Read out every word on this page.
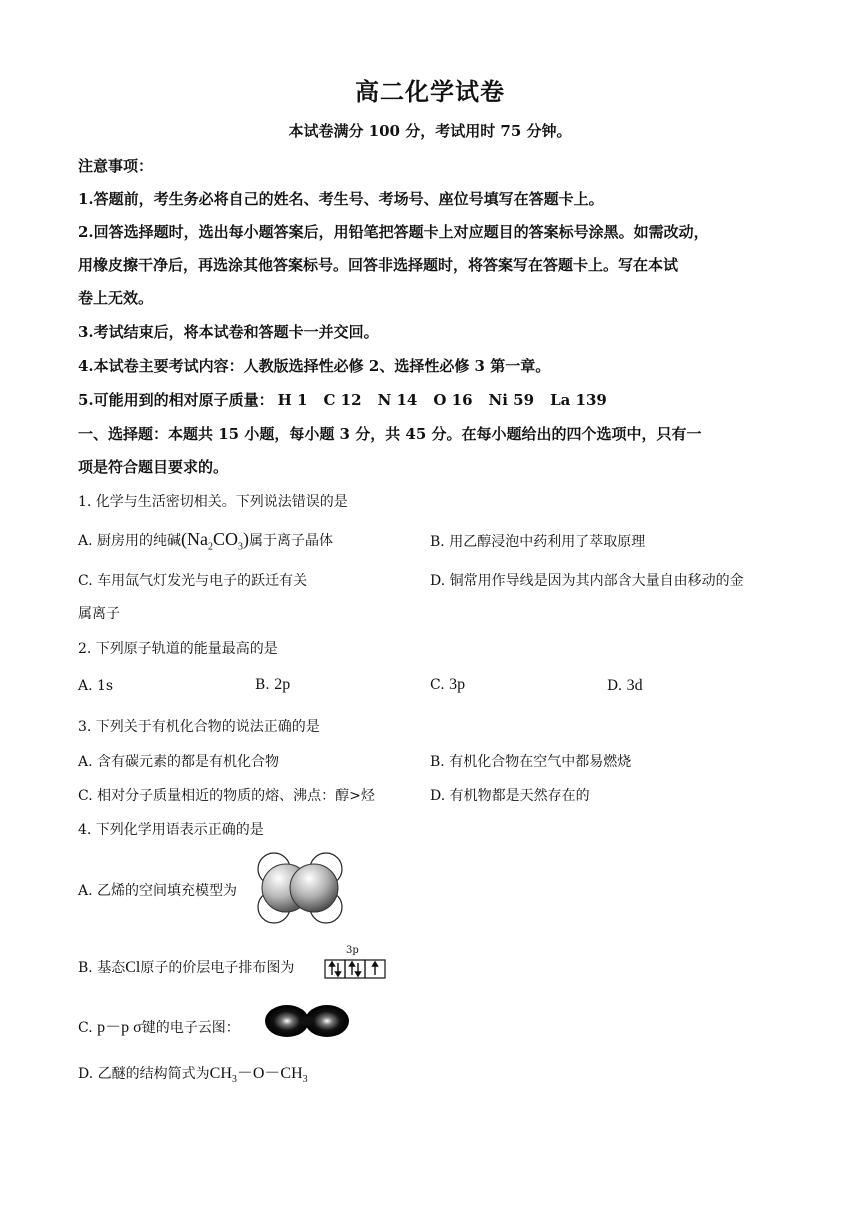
高二化学试卷
本试卷满分 100 分，考试用时 75 分钟。
注意事项：
1.答题前，考生务必将自己的姓名、考生号、考场号、座位号填写在答题卡上。
2.回答选择题时，选出每小题答案后，用铅笔把答题卡上对应题目的答案标号涂黑。如需改动，
用橡皮擦干净后，再选涂其他答案标号。回答非选择题时，将答案写在答题卡上。写在本试
卷上无效。
3.考试结束后，将本试卷和答题卡一并交回。
4.本试卷主要考试内容：人教版选择性必修 2、选择性必修 3 第一章。
5.可能用到的相对原子质量： H 1 C 12 N 14 O 16 Ni 59 La 139
一、选择题：本题共 15 小题，每小题 3 分，共 45 分。在每小题给出的四个选项中，只有一
项是符合题目要求的。
1. 化学与生活密切相关。下列说法错误的是
A. 厨房用的纯碱$(Na_2CO_3)$属于离子晶体	B. 用乙醇浸泡中药利用了萃取原理
C. 车用氙气灯发光与电子的跃迁有关	D. 铜常用作导线是因为其内部含大量自由移动的金
属离子
2. 下列原子轨道的能量最高的是
A. 1s	B. 2p	C. 3p	D. 3d
3. 下列关于有机化合物的说法正确的是
A. 含有碳元素的都是有机化合物	B. 有机化合物在空气中都易燃烧
C. 相对分子质量相近的物质的熔、沸点：醇>烃	D. 有机物都是天然存在的
4. 下列化学用语表示正确的是
A. 乙烯的空间填充模型为
B. 基态Cl原子的价层电子排布图为
3p
C. p－p σ键的电子云图：
D. 乙醚的结构简式为$CH_3-O-CH_3$
